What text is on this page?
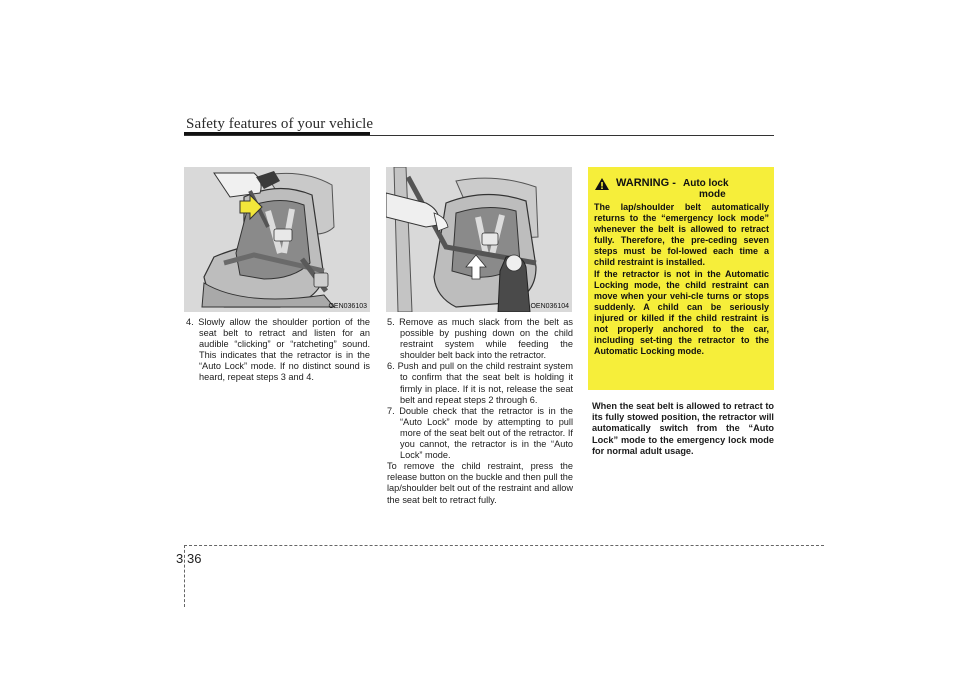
Safety features of your vehicle
OEN036103	OEN036104

4. Slowly allow the shoulder portion of the seat belt to retract and listen for an audible “clicking” or “ratcheting” sound. This indicates that the retractor is in the “Auto Lock” mode. If no distinct sound is heard, repeat steps 3 and 4.

5. Remove as much slack from the belt as possible by pushing down on the child restraint system while feeding the shoulder belt back into the retractor.

6. Push and pull on the child restraint system to confirm that the seat belt is holding it firmly in place. If it is not, release the seat belt and repeat steps 2 through 6.

7. Double check that the retractor is in the “Auto Lock” mode by attempting to pull more of the seat belt out of the retractor. If you cannot, the retractor is in the “Auto Lock” mode.

To remove the child restraint, press the release button on the buckle and then pull the lap/shoulder belt out of the restraint and allow the seat belt to retract fully.

WARNING - Auto lock
mode

The lap/shoulder belt automatically returns to the “emergency lock mode” whenever the belt is allowed to retract fully. Therefore, the pre-ceding seven steps must be fol-lowed each time a child restraint is installed.

If the retractor is not in the Automatic Locking mode, the child restraint can move when your vehi-cle turns or stops suddenly. A child can be seriously injured or killed if the child restraint is not properly anchored to the car, including set-ting the retractor to the Automatic Locking mode.

When the seat belt is allowed to retract to its fully stowed position, the retractor will automatically switch from the “Auto Lock” mode to the emergency lock mode for normal adult usage.

3 36
